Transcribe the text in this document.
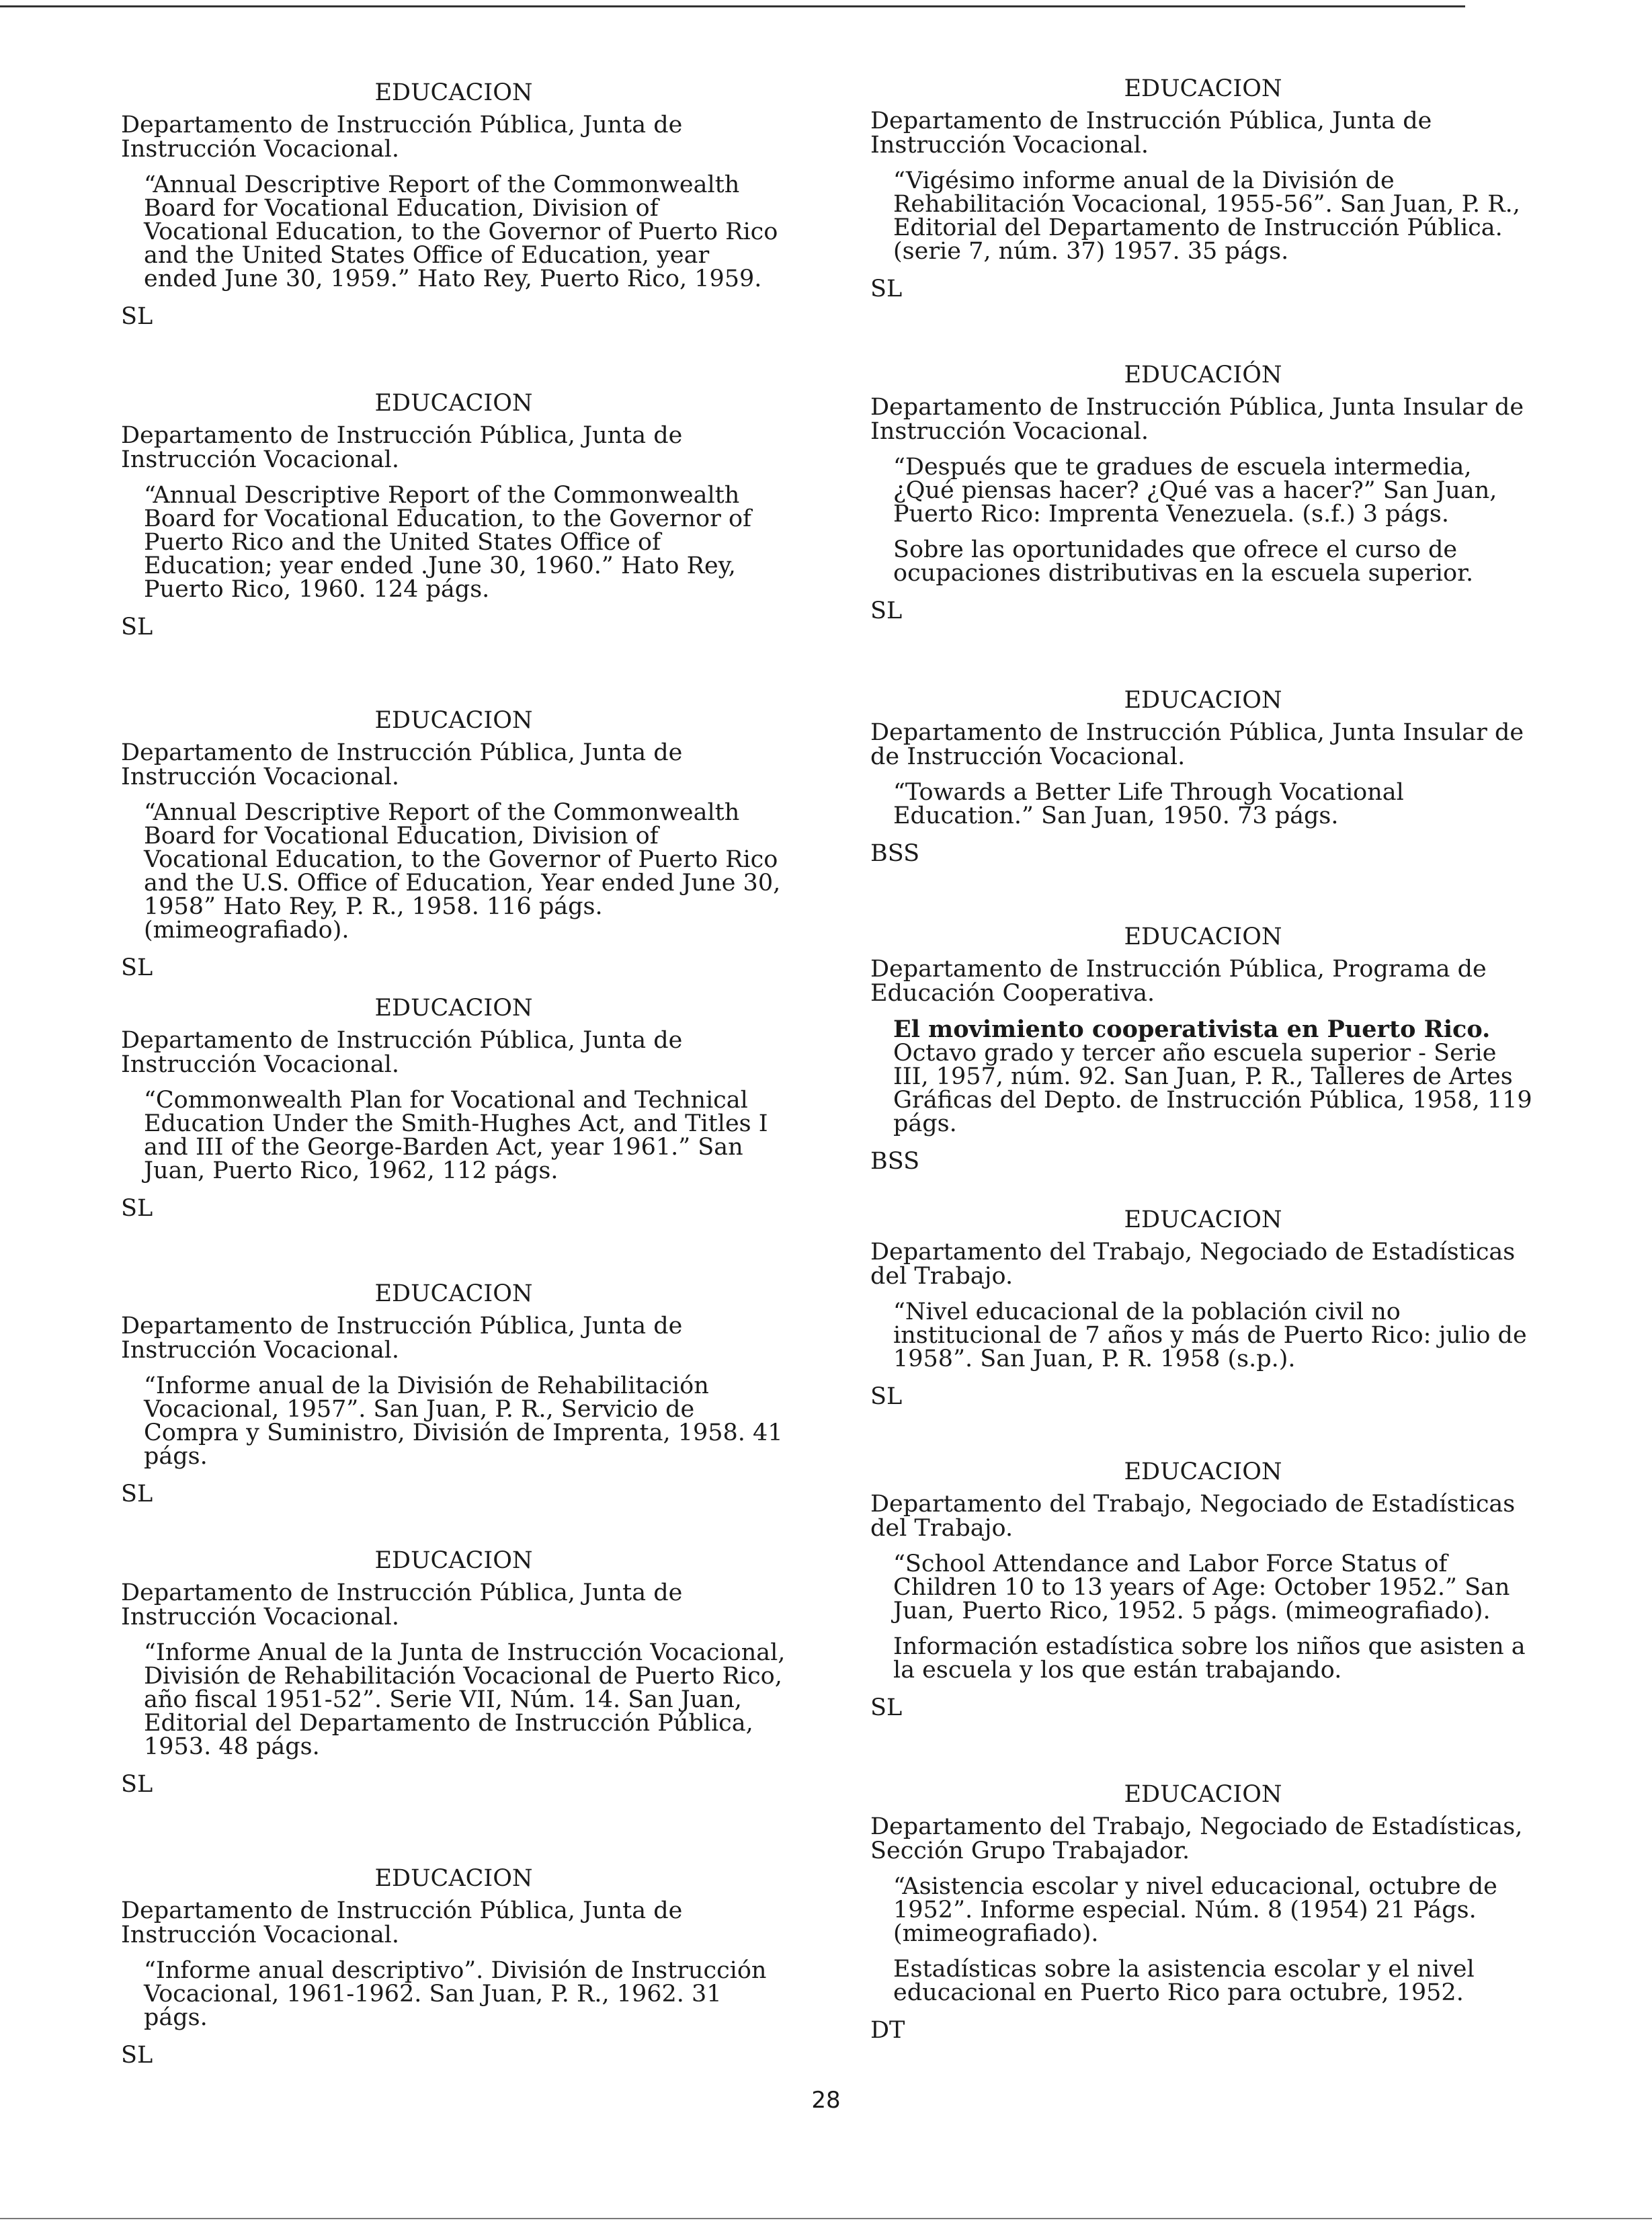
EDUCACION
Departamento de Instrucción Pública, Junta de Instrucción Vocacional.
“Annual Descriptive Report of the Commonwealth Board for Vocational Education, Division of Vocational Education, to the Governor of Puerto Rico and the United States Office of Education, year ended June 30, 1959.” Hato Rey, Puerto Rico, 1959.
SL
EDUCACION
Departamento de Instrucción Pública, Junta de Instrucción Vocacional.
“Annual Descriptive Report of the Commonwealth Board for Vocational Education, to the Governor of Puerto Rico and the United States Office of Education; year ended .June 30, 1960.” Hato Rey, Puerto Rico, 1960. 124 págs.
SL
EDUCACION
Departamento de Instrucción Pública, Junta de Instrucción Vocacional.
“Annual Descriptive Report of the Commonwealth Board for Vocational Education, Division of Vocational Education, to the Governor of Puerto Rico and the U.S. Office of Education, Year ended June 30, 1958” Hato Rey, P. R., 1958. 116 págs. (mimeografiado).
SL
EDUCACION
Departamento de Instrucción Pública, Junta de Instrucción Vocacional.
“Commonwealth Plan for Vocational and Technical Education Under the Smith-Hughes Act, and Titles I and III of the George-Barden Act, year 1961.” San Juan, Puerto Rico, 1962, 112 págs.
SL
EDUCACION
Departamento de Instrucción Pública, Junta de Instrucción Vocacional.
“Informe anual de la División de Rehabilitación Vocacional, 1957”. San Juan, P. R., Servicio de Compra y Suministro, División de Imprenta, 1958. 41 págs.
SL
EDUCACION
Departamento de Instrucción Pública, Junta de Instrucción Vocacional.
“Informe Anual de la Junta de Instrucción Vocacional, División de Rehabilitación Vocacional de Puerto Rico, año fiscal 1951-52”. Serie VII, Núm. 14. San Juan, Editorial del Departamento de Instrucción Pública, 1953. 48 págs.
SL
EDUCACION
Departamento de Instrucción Pública, Junta de Instrucción Vocacional.
“Informe anual descriptivo”. División de Instrucción Vocacional, 1961-1962. San Juan, P. R., 1962. 31 págs.
SL
EDUCACION
Departamento de Instrucción Pública, Junta de Instrucción Vocacional.
“Vigésimo informe anual de la División de Rehabilitación Vocacional, 1955-56”. San Juan, P. R., Editorial del Departamento de Instrucción Pública. (serie 7, núm. 37) 1957. 35 págs.
SL
EDUCACIÓN
Departamento de Instrucción Pública, Junta Insular de Instrucción Vocacional.
“Después que te gradues de escuela intermedia, ¿Qué piensas hacer? ¿Qué vas a hacer?” San Juan, Puerto Rico: Imprenta Venezuela. (s.f.) 3 págs.
Sobre las oportunidades que ofrece el curso de ocupaciones distributivas en la escuela superior.
SL
EDUCACION
Departamento de Instrucción Pública, Junta Insular de de Instrucción Vocacional.
“Towards a Better Life Through Vocational Education.” San Juan, 1950. 73 págs.
BSS
EDUCACION
Departamento de Instrucción Pública, Programa de Educación Cooperativa.
El movimiento cooperativista en Puerto Rico. Octavo grado y tercer año escuela superior - Serie III, 1957, núm. 92. San Juan, P. R., Talleres de Artes Gráficas del Depto. de Instrucción Pública, 1958, 119 págs.
BSS
EDUCACION
Departamento del Trabajo, Negociado de Estadísticas del Trabajo.
“Nivel educacional de la población civil no institucional de 7 años y más de Puerto Rico: julio de 1958”. San Juan, P. R. 1958 (s.p.).
SL
EDUCACION
Departamento del Trabajo, Negociado de Estadísticas del Trabajo.
“School Attendance and Labor Force Status of Children 10 to 13 years of Age: October 1952.” San Juan, Puerto Rico, 1952. 5 págs. (mimeografiado).
Información estadística sobre los niños que asisten a la escuela y los que están trabajando.
SL
EDUCACION
Departamento del Trabajo, Negociado de Estadísticas, Sección Grupo Trabajador.
“Asistencia escolar y nivel educacional, octubre de 1952”. Informe especial. Núm. 8 (1954) 21 Págs. (mimeografiado).
Estadísticas sobre la asistencia escolar y el nivel educacional en Puerto Rico para octubre, 1952.
DT
28
